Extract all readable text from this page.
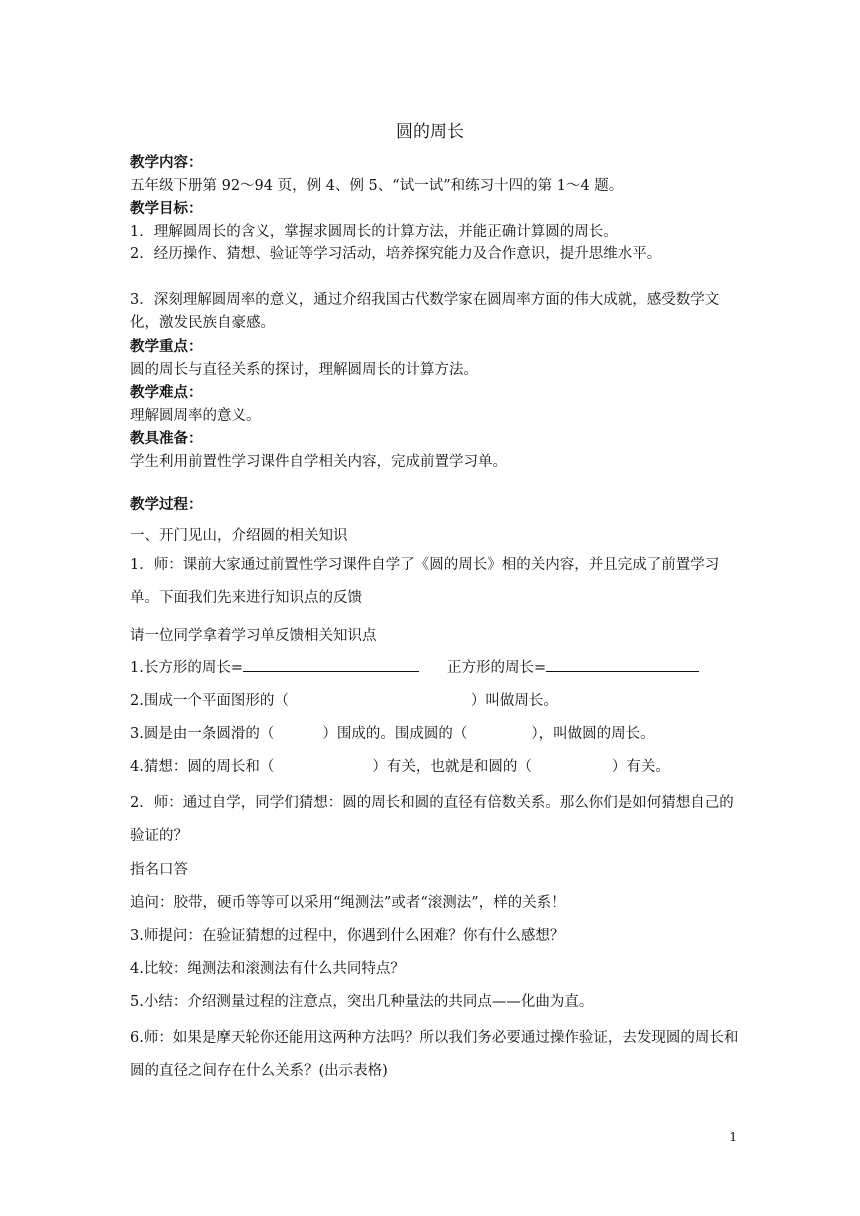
圆的周长
教学内容：
五年级下册第 92～94 页，例 4、例 5、“试一试”和练习十四的第 1～4 题。
教学目标：
1．理解圆周长的含义，掌握求圆周长的计算方法，并能正确计算圆的周长。
2．经历操作、猜想、验证等学习活动，培养探究能力及合作意识，提升思维水平。
3．深刻理解圆周率的意义，通过介绍我国古代数学家在圆周率方面的伟大成就，感受数学文化，激发民族自豪感。
教学重点：
圆的周长与直径关系的探讨，理解圆周长的计算方法。
教学难点：
理解圆周率的意义。
教具准备：
学生利用前置性学习课件自学相关内容，完成前置学习单。
教学过程：
一、开门见山，介绍圆的相关知识
1．师：课前大家通过前置性学习课件自学了《圆的周长》相的关内容，并且完成了前置学习单。下面我们先来进行知识点的反馈
请一位同学拿着学习单反馈相关知识点
1.长方形的周长=	正方形的周长=
2.围成一个平面图形的（	）叫做周长。
3.圆是由一条圆滑的（	）围成的。围成圆的（	），叫做圆的周长。
4.猜想：圆的周长和（	）有关，也就是和圆的（	）有关。
2．师：通过自学，同学们猜想：圆的周长和圆的直径有倍数关系。那么你们是如何猜想自己的验证的？
指名口答
追问：胶带，硬币等等可以采用“绳测法”或者“滚测法”，样的关系！
3.师提问：在验证猜想的过程中，你遇到什么困难？你有什么感想？
4.比较：绳测法和滚测法有什么共同特点？
5.小结：介绍测量过程的注意点，突出几种量法的共同点——化曲为直。
6.师：如果是摩天轮你还能用这两种方法吗？所以我们务必要通过操作验证，去发现圆的周长和圆的直径之间存在什么关系？(出示表格)
1
